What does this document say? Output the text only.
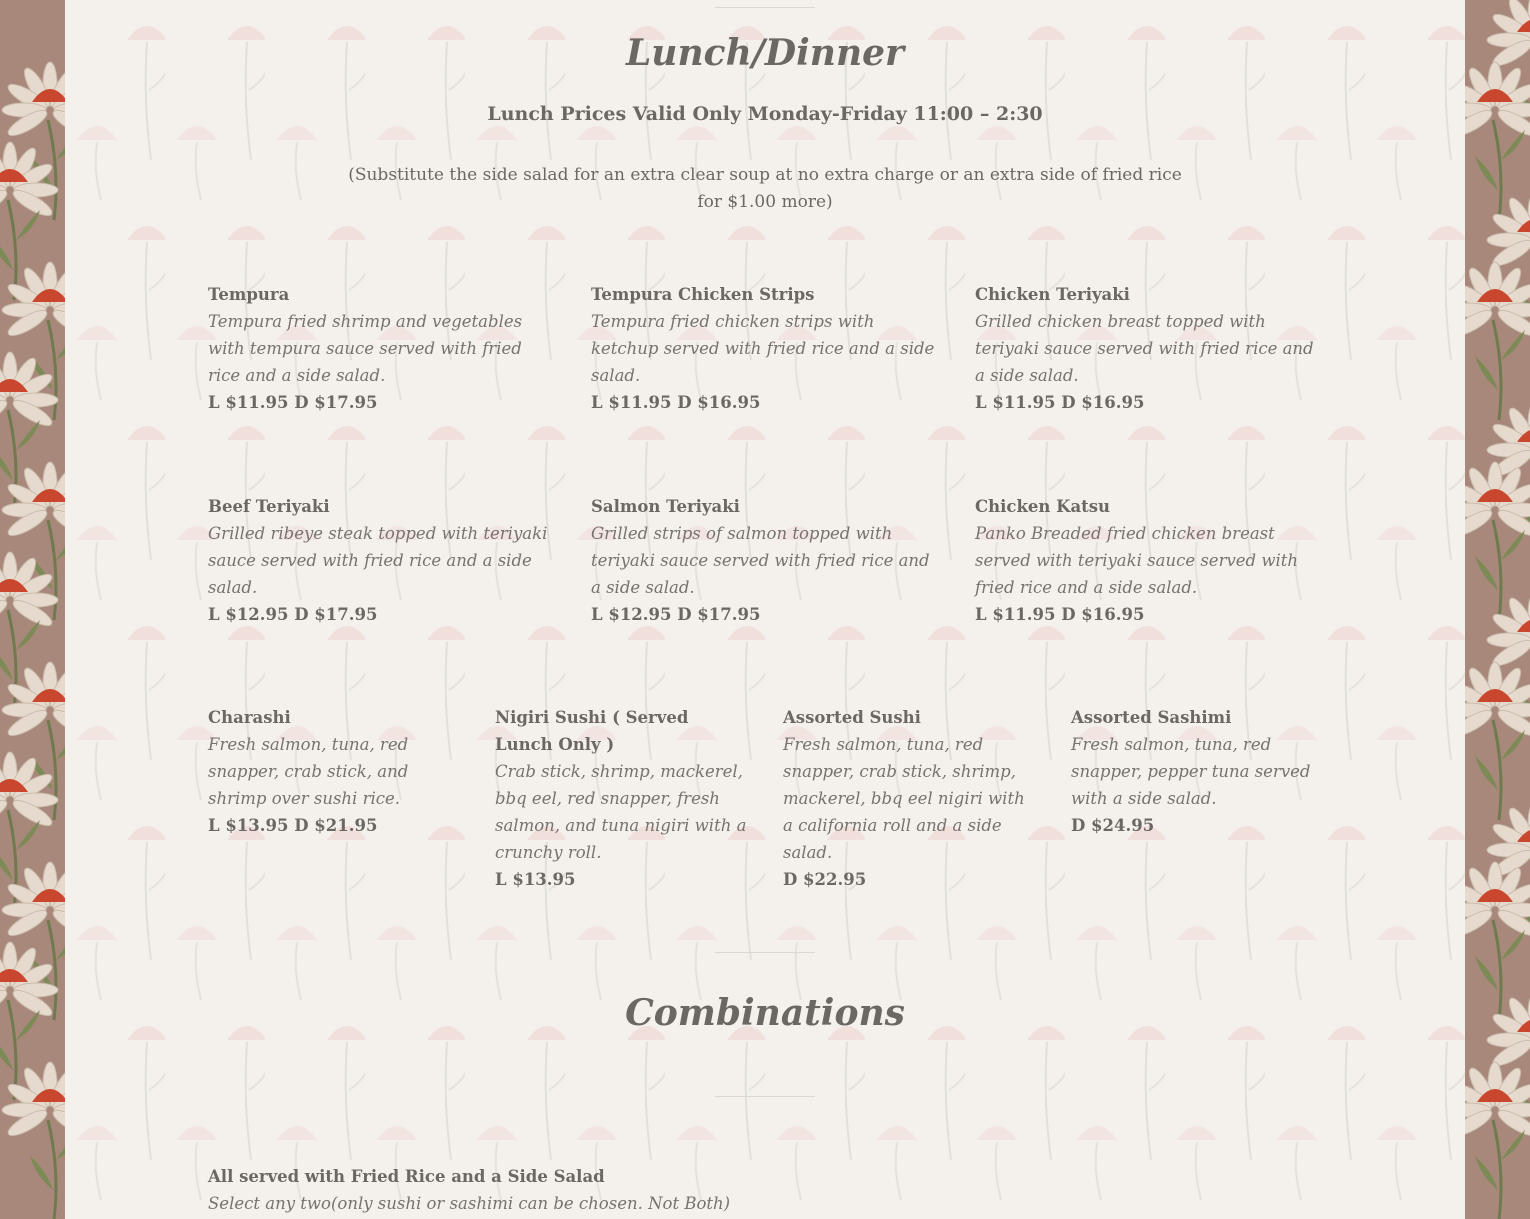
Lunch/Dinner
Lunch Prices Valid Only Monday-Friday 11:00 – 2:30
(Substitute the side salad for an extra clear soup at no extra charge or an extra side of fried rice for $1.00 more)
Tempura
Tempura fried shrimp and vegetables with tempura sauce served with fried rice and a side salad.
L $11.95 D $17.95
Tempura Chicken Strips
Tempura fried chicken strips with ketchup served with fried rice and a side salad.
L $11.95 D $16.95
Chicken Teriyaki
Grilled chicken breast topped with teriyaki sauce served with fried rice and a side salad.
L $11.95 D $16.95
Beef Teriyaki
Grilled ribeye steak topped with teriyaki sauce served with fried rice and a side salad.
L $12.95 D $17.95
Salmon Teriyaki
Grilled strips of salmon topped with teriyaki sauce served with fried rice and a side salad.
L $12.95 D $17.95
Chicken Katsu
Panko Breaded fried chicken breast served with teriyaki sauce served with fried rice and a side salad.
L $11.95 D $16.95
Charashi
Fresh salmon, tuna, red snapper, crab stick, and shrimp over sushi rice.
L $13.95 D $21.95
Nigiri Sushi ( Served Lunch Only )
Crab stick, shrimp, mackerel, bbq eel, red snapper, fresh salmon, and tuna nigiri with a crunchy roll.
L $13.95
Assorted Sushi
Fresh salmon, tuna, red snapper, crab stick, shrimp, mackerel, bbq eel nigiri with a california roll and a side salad.
D $22.95
Assorted Sashimi
Fresh salmon, tuna, red snapper, pepper tuna served with a side salad.
D $24.95
Combinations
All served with Fried Rice and a Side Salad
Select any two(only sushi or sashimi can be chosen. Not Both)
